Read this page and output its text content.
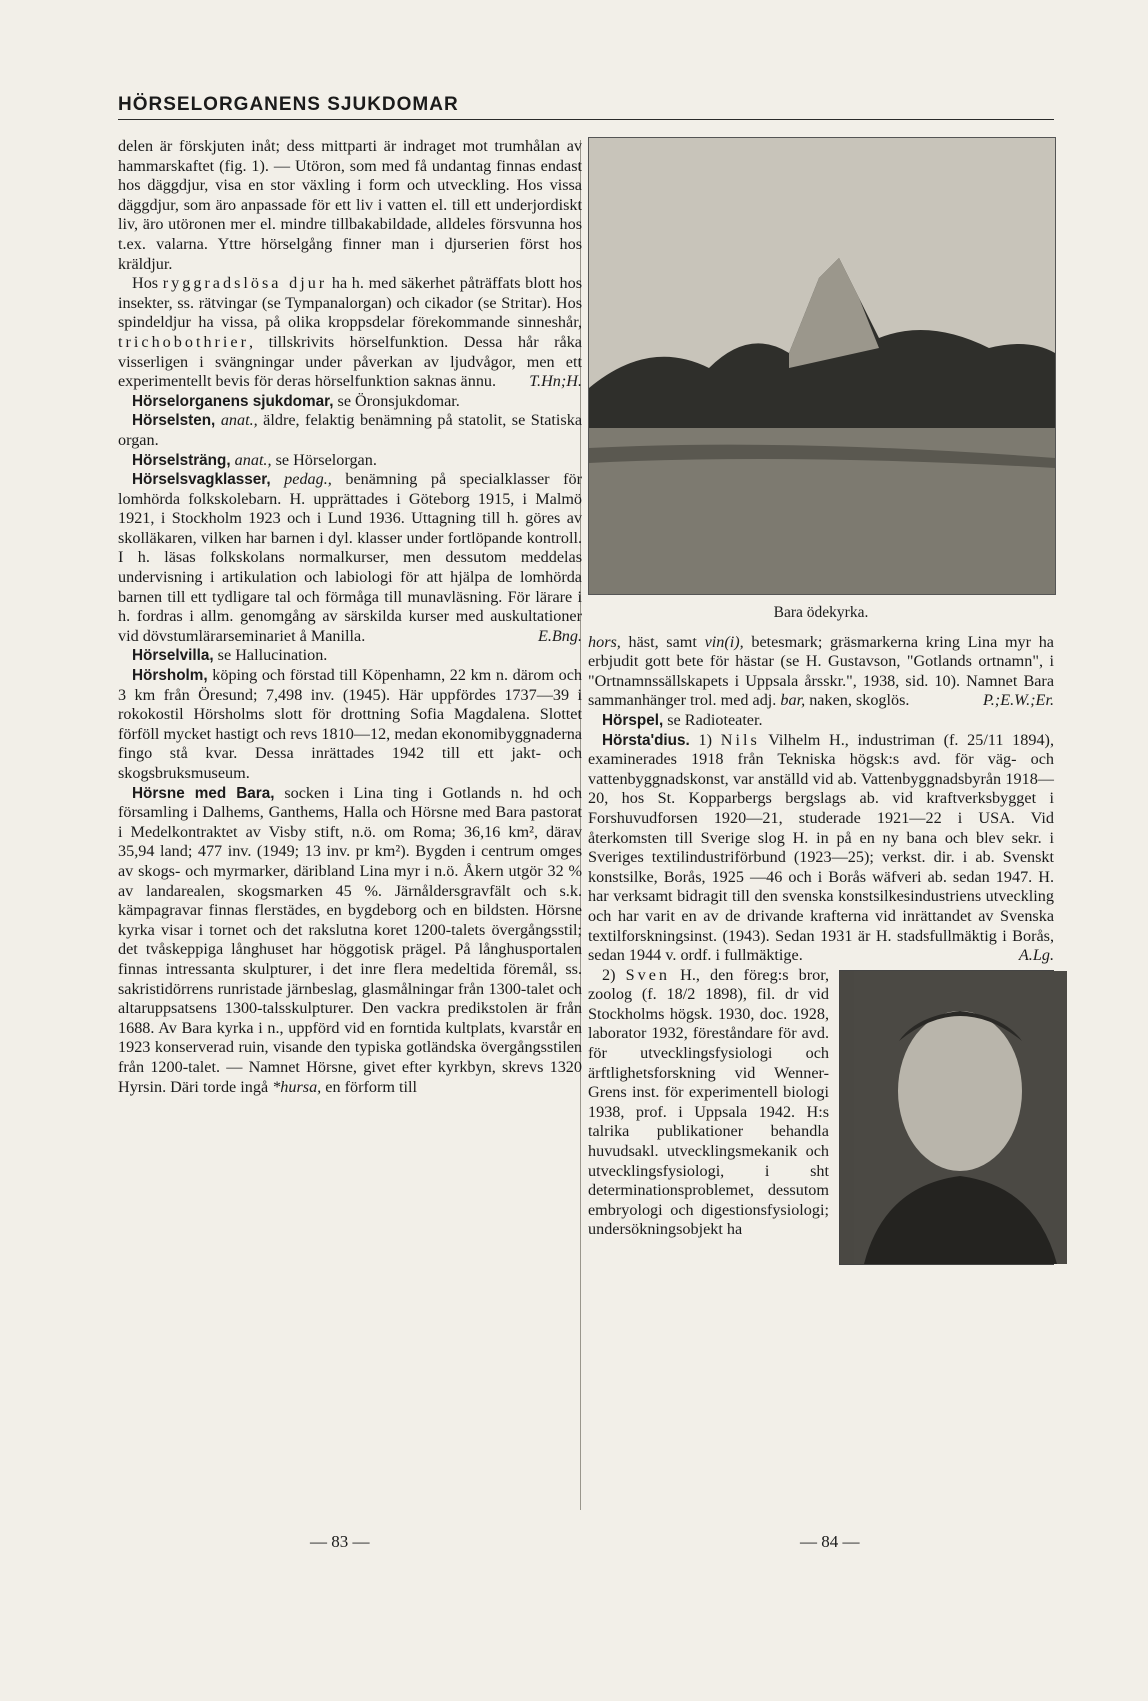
HÖRSELORGANENS SJUKDOMAR

delen är förskjuten inåt; dess mittparti är indraget mot trumhålan av hammarskaftet (fig. 1). — Utöron, som med få undantag finnas endast hos däggdjur, visa en stor växling i form och utveckling. Hos vissa däggdjur, som äro anpassade för ett liv i vatten el. till ett underjordiskt liv, äro utöronen mer el. mindre tillbakabildade, alldeles försvunna hos t.ex. valarna. Yttre hörselgång finner man i djurserien först hos kräldjur.

Hos ryggradslösa djur ha h. med säkerhet påträffats blott hos insekter, ss. rätvingar (se Tympanalorgan) och cikador (se Stritar). Hos spindeldjur ha vissa, på olika kroppsdelar förekommande sinneshår, trichobothrier, tillskrivits hörselfunktion. Dessa hår råka visserligen i svängningar under påverkan av ljudvågor, men ett experimentellt bevis för deras hörselfunktion saknas ännu.	T.Hn;H.

Hörselorganens sjukdomar, se Öronsjukdomar.

Hörselsten, anat., äldre, felaktig benämning på statolit, se Statiska organ.

Hörselsträng, anat., se Hörselorgan.

Hörselsvagklasser, pedag., benämning på specialklasser för lomhörda folkskolebarn. H. upprättades i Göteborg 1915, i Malmö 1921, i Stockholm 1923 och i Lund 1936. Uttagning till h. göres av skolläkaren, vilken har barnen i dyl. klasser under fortlöpande kontroll. I h. läsas folkskolans normalkurser, men dessutom meddelas undervisning i artikulation och labiologi för att hjälpa de lomhörda barnen till ett tydligare tal och förmåga till munavläsning. För lärare i h. fordras i allm. genomgång av särskilda kurser med auskultationer vid dövstumlärarseminariet å Manilla.	E.Bng.

Hörselvilla, se Hallucination.

Hörsholm, köping och förstad till Köpenhamn, 22 km n. därom och 3 km från Öresund; 7,498 inv. (1945). Här uppfördes 1737—39 i rokokostil Hörsholms slott för drottning Sofia Magdalena. Slottet förföll mycket hastigt och revs 1810—12, medan ekonomibyggnaderna fingo stå kvar. Dessa inrättades 1942 till ett jakt- och skogsbruksmuseum.

Hörsne med Bara, socken i Lina ting i Gotlands n. hd och församling i Dalhems, Ganthems, Halla och Hörsne med Bara pastorat i Medelkontraktet av Visby stift, n.ö. om Roma; 36,16 km², därav 35,94 land; 477 inv. (1949; 13 inv. pr km²). Bygden i centrum omges av skogs- och myrmarker, däribland Lina myr i n.ö. Åkern utgör 32 % av landarealen, skogsmarken 45 %. Järnåldersgravfält och s.k. kämpagravar finnas flerstädes, en bygdeborg och en bildsten. Hörsne kyrka visar i tornet och det rakslutna koret 1200-talets övergångsstil; det tvåskeppiga långhuset har höggotisk prägel. På långhusportalen finnas intressanta skulpturer, i det inre flera medeltida föremål, ss. sakristidörrens runristade järnbeslag, glasmålningar från 1300-talet och altaruppsatsens 1300-talsskulpturer. Den vackra predikstolen är från 1688. Av Bara kyrka i n., uppförd vid en forntida kultplats, kvarstår en 1923 konserverad ruin, visande den typiska gotländska övergångsstilen från 1200-talet. — Namnet Hörsne, givet efter kyrkbyn, skrevs 1320 Hyrsin. Däri torde ingå *hursa, en förform till

Bara ödekyrka.

hors, häst, samt vin(i), betesmark; gräsmarkerna kring Lina myr ha erbjudit gott bete för hästar (se H. Gustavson, "Gotlands ortnamn", i "Ortnamnssällskapets i Uppsala årsskr.", 1938, sid. 10). Namnet Bara sammanhänger trol. med adj. bar, naken, skoglös.	P.;E.W.;Er.

Hörspel, se Radioteater.

Hörsta'dius. 1) Nils Vilhelm H., industriman (f. 25/11 1894), examinerades 1918 från Tekniska högsk:s avd. för väg- och vattenbyggnadskonst, var anställd vid ab. Vattenbyggnadsbyrån 1918—20, hos St. Kopparbergs bergslags ab. vid kraftverksbygget i Forshuvudforsen 1920—21, studerade 1921—22 i USA. Vid återkomsten till Sverige slog H. in på en ny bana och blev sekr. i Sveriges textilindustriförbund (1923—25); verkst. dir. i ab. Svenskt konstsilke, Borås, 1925 —46 och i Borås wäfveri ab. sedan 1947. H. har verksamt bidragit till den svenska konstsilkesindustriens utveckling och har varit en av de drivande krafterna vid inrättandet av Svenska textilforskningsinst. (1943). Sedan 1931 är H. stadsfullmäktig i Borås, sedan 1944 v. ordf. i fullmäktige.	A.Lg.

2) Sven H., den föreg:s bror, zoolog (f. 18/2 1898), fil. dr vid Stockholms högsk. 1930, doc. 1928, laborator 1932, föreståndare för avd. för utvecklingsfysiologi och ärftlighetsforskning vid Wenner-Grens inst. för experimentell biologi 1938, prof. i Uppsala 1942. H:s talrika publikationer behandla huvudsakl. utvecklingsmekanik och utvecklingsfysiologi, i sht determinationsproblemet, dessutom embryologi och digestionsfysiologi; undersökningsobjekt ha

— 83 —	— 84 —
